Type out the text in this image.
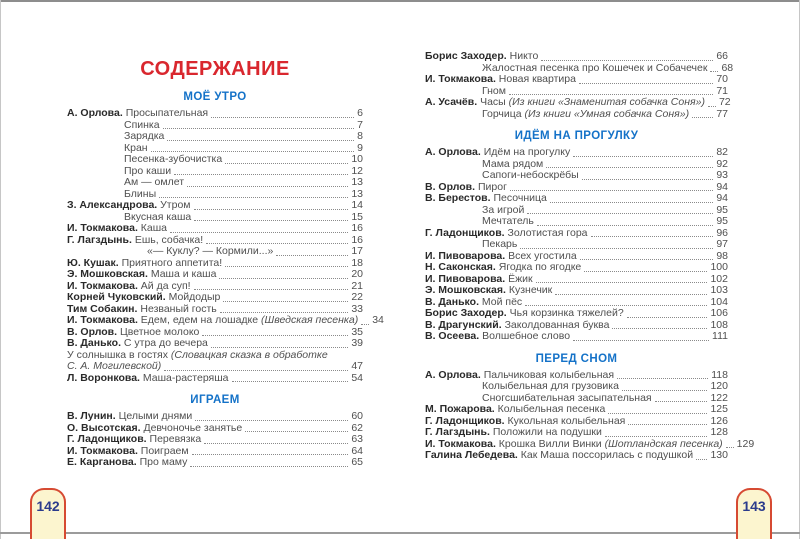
СОДЕРЖАНИЕ
МОЁ УТРО
А. Орлова. Просыпательная	6
Спинка	7
Зарядка	8
Кран	9
Песенка-зубочистка	10
Про каши	12
Ам — омлет	13
Блины	13
З. Александрова. Утром	14
Вкусная каша	15
И. Токмакова. Каша	16
Г. Лагздынь. Ешь, собачка!	16
«— Куклу? — Кормили...»	17
Ю. Кушак. Приятного аппетита!	18
Э. Мошковская. Маша и каша	20
И. Токмакова. Ай да суп!	21
Корней Чуковский. Мойдодыр	22
Тим Собакин. Незваный гость	33
И. Токмакова. Едем, едем на лошадке (Шведская песенка) 34
В. Орлов. Цветное молоко	35
В. Данько. С утра до вечера	39
У солнышка в гостях (Словацкая сказка в обработке
С. А. Могилевской)	47
Л. Воронкова. Маша-растеряша	54
ИГРАЕМ
В. Лунин. Целыми днями	60
О. Высотская. Девчоночье занятье	62
Г. Ладонщиков. Перевязка	63
И. Токмакова. Поиграем	64
Е. Карганова. Про маму	65
Борис Заходер. Никто	66
Жалостная песенка про Кошечек и Собачечек 68
И. Токмакова. Новая квартира	70
Гном	71
А. Усачёв. Часы (Из книги «Знаменитая собачка Соня») 72
Горчица (Из книги «Умная собачка Соня»)	77
ИДЁМ НА ПРОГУЛКУ
А. Орлова. Идём на прогулку	82
Мама рядом	92
Сапоги-небоскрёбы	93
В. Орлов. Пирог	94
В. Берестов. Песочница	94
За игрой	95
Мечтатель	95
Г. Ладонщиков. Золотистая гора	96
Пекарь	97
И. Пивоварова. Всех угостила	98
Н. Саконская. Ягодка по ягодке	100
И. Пивоварова. Ёжик	102
Э. Мошковская. Кузнечик	103
В. Данько. Мой пёс	104
Борис Заходер. Чья корзинка тяжелей?	106
В. Драгунский. Заколдованная буква	108
В. Осеева. Волшебное слово	111
ПЕРЕД СНОМ
А. Орлова. Пальчиковая колыбельная	118
Колыбельная для грузовика	120
Сногсшибательная засыпательная	122
М. Пожарова. Колыбельная песенка	125
Г. Ладонщиков. Кукольная колыбельная	126
Г. Лагздынь. Положили на подушки	128
И. Токмакова. Крошка Вилли Винки (Шотландская песенка) 129
Галина Лебедева. Как Маша поссорилась с подушкой 130
142	143
